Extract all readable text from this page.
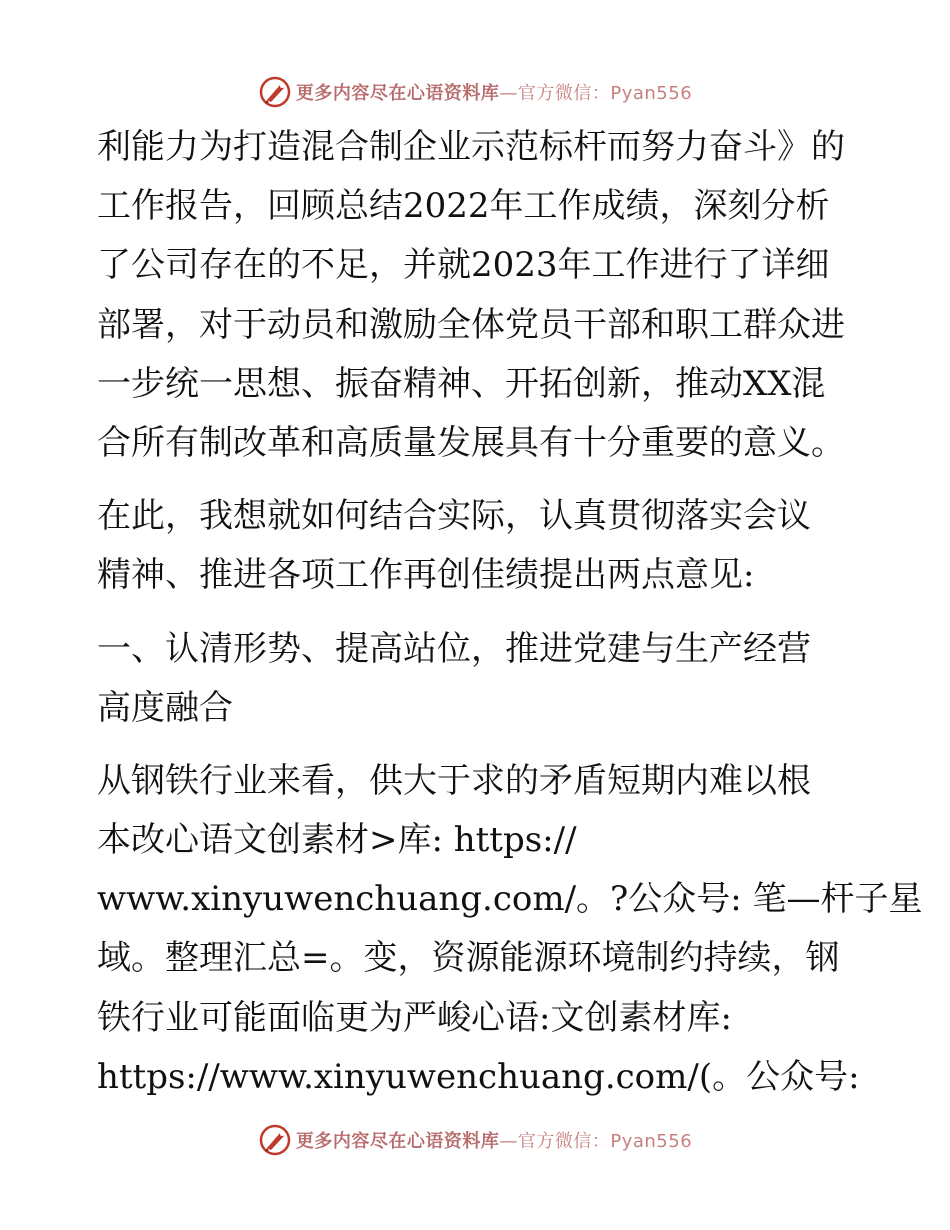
更多内容尽在心语资料库—官方微信：Pyan556
利能力为打造混合制企业示范标杆而努力奋斗》的
工作报告，回顾总结2022年工作成绩，深刻分析
了公司存在的不足，并就2023年工作进行了详细
部署，对于动员和激励全体党员干部和职工群众进
一步统一思想、振奋精神、开拓创新，推动XX混
合所有制改革和高质量发展具有十分重要的意义。
在此，我想就如何结合实际，认真贯彻落实会议
精神、推进各项工作再创佳绩提出两点意见:
一、认清形势、提高站位，推进党建与生产经营
高度融合
从钢铁行业来看，供大于求的矛盾短期内难以根
本改心语文创素材>库: https://
www.xinyuwenchuang.com/。?公众号: 笔—杆子星
域。整理汇总=。变，资源能源环境制约持续，钢
铁行业可能面临更为严峻心语:文创素材库:
https://www.xinyuwenchuang.com/(。公众号:
更多内容尽在心语资料库—官方微信：Pyan556
